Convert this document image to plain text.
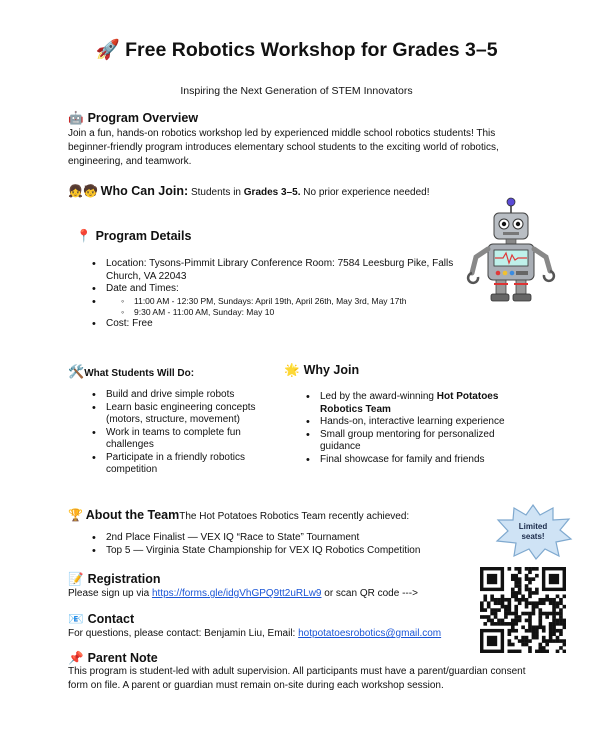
🚀 Free Robotics Workshop for Grades 3–5
Inspiring the Next Generation of STEM Innovators
🤖 Program Overview
Join a fun, hands-on robotics workshop led by experienced middle school robotics students! This beginner-friendly program introduces elementary school students to the exciting world of robotics, engineering, and teamwork.
👧🧒 Who Can Join: Students in Grades 3–5. No prior experience needed!
📍 Program Details
• Location: Tysons-Pimmit Library Conference Room: 7584 Leesburg Pike, Falls Church, VA 22043
• Date and Times:
◦ • 11:00 AM - 12:30 PM, Sundays: April 19th, April 26th, May 3rd, May 17th
◦ 9:30 AM - 11:00 AM, Sunday: May 10
• Cost: Free
🛠️What Students Will Do:
• Build and drive simple robots
• Learn basic engineering concepts (motors, structure, movement)
• Work in teams to complete fun challenges
• Participate in a friendly robotics competition
🌟 Why Join
• Led by the award-winning Hot Potatoes Robotics Team
• Hands-on, interactive learning experience
• Small group mentoring for personalized guidance
• Final showcase for family and friends
🏆 About the TeamThe Hot Potatoes Robotics Team recently achieved:
• 2nd Place Finalist — VEX IQ “Race to State” Tournament
• Top 5 — Virginia State Championship for VEX IQ Robotics Competition
Limited seats!
📝 Registration
Please sign up via https://forms.gle/idgVhGPQ9tt2uRLw9 or scan QR code --->
📧 Contact
For questions, please contact: Benjamin Liu, Email: hotpotatoesrobotics@gmail.com
📌 Parent Note
This program is student-led with adult supervision. All participants must have a parent/guardian consent form on file. A parent or guardian must remain on-site during each workshop session.
